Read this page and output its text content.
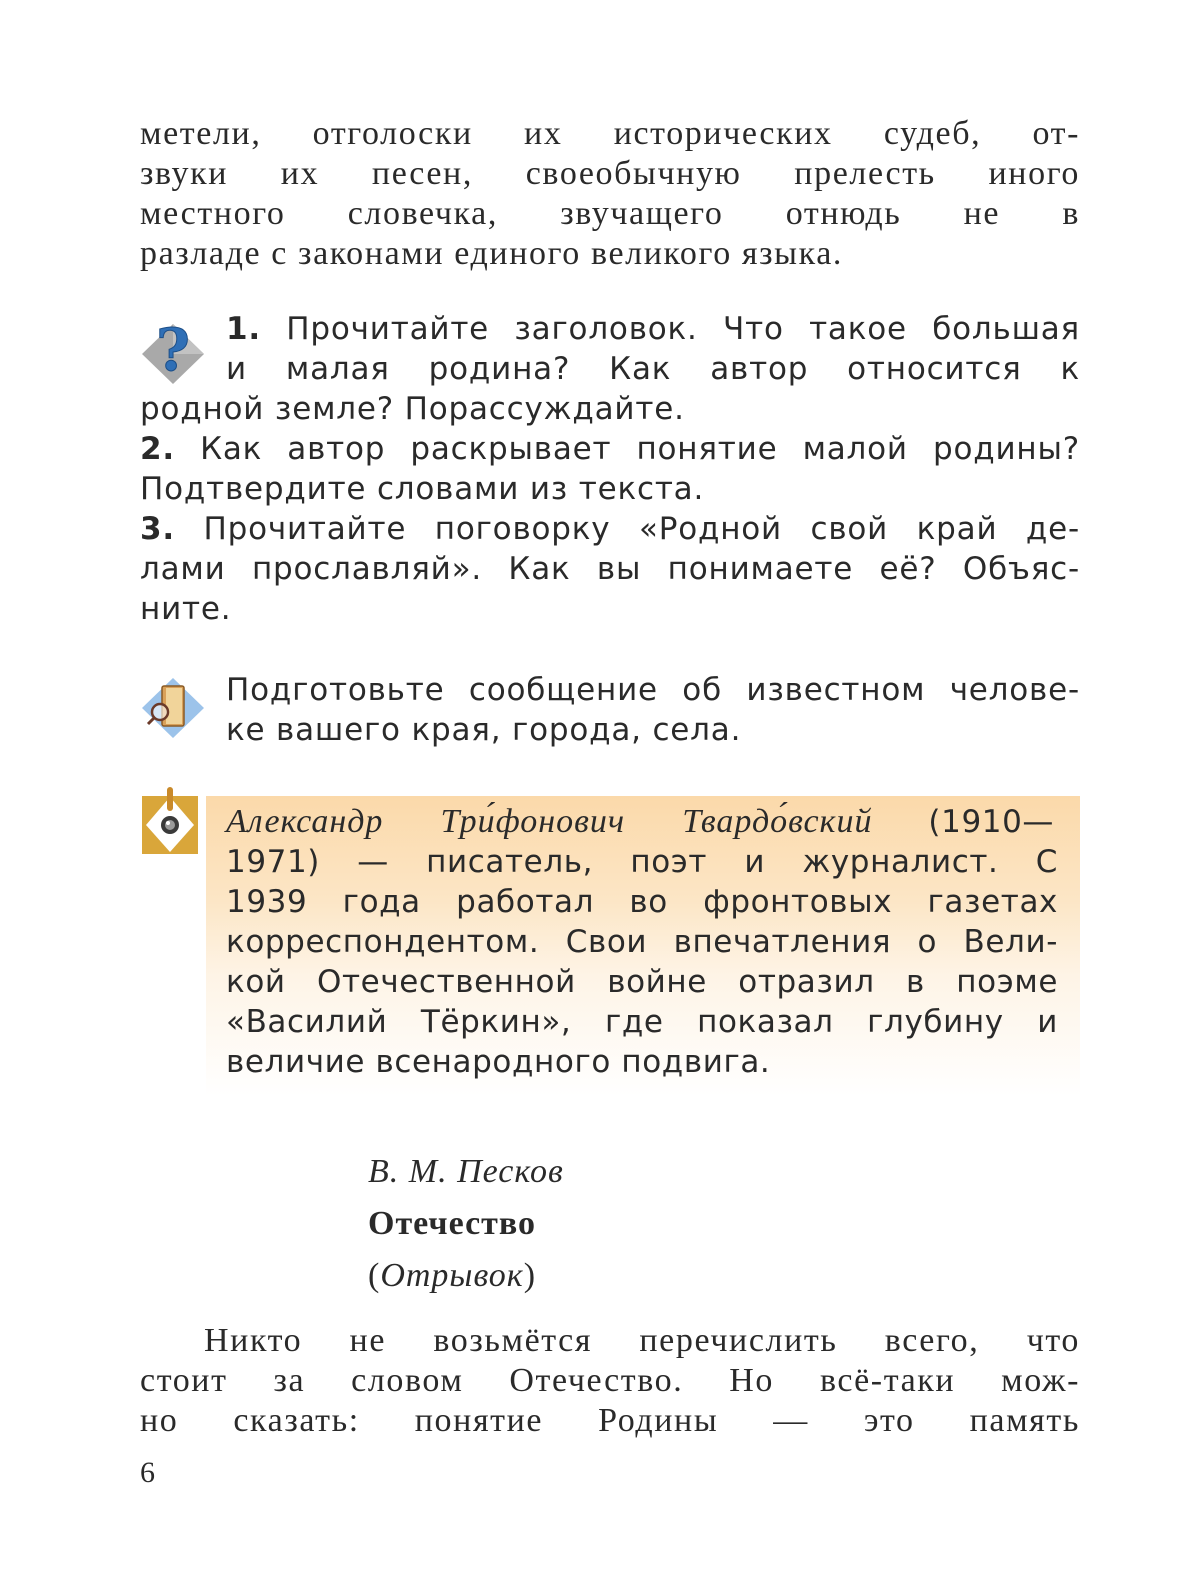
метели, отголоски их исторических судеб, от-
звуки их песен, своеобычную прелесть иного
местного словечка, звучащего отнюдь не в
разладе с законами единого великого языка.
? 1. Прочитайте заголовок. Что такое большая
и малая родина? Как автор относится к
родной земле? Порассуждайте.
2. Как автор раскрывает понятие малой родины?
Подтвердите словами из текста.
3. Прочитайте поговорку «Родной свой край де-
лами прославляй». Как вы понимаете её? Объяс-
ните.
Подготовьте сообщение об известном челове-
ке вашего края, города, села.
Александр Три́фонович Твардо́вский (1910—
1971) — писатель, поэт и журналист. С
1939 года работал во фронтовых газетах
корреспондентом. Свои впечатления о Вели-
кой Отечественной войне отразил в поэме
«Василий Тёркин», где показал глубину и
величие всенародного подвига.
В. М. Песков
Отечество
(Отрывок)
Никто не возьмётся перечислить всего, что
стоит за словом Отечество. Но всё-таки мож-
но сказать: понятие Родины — это память
6
